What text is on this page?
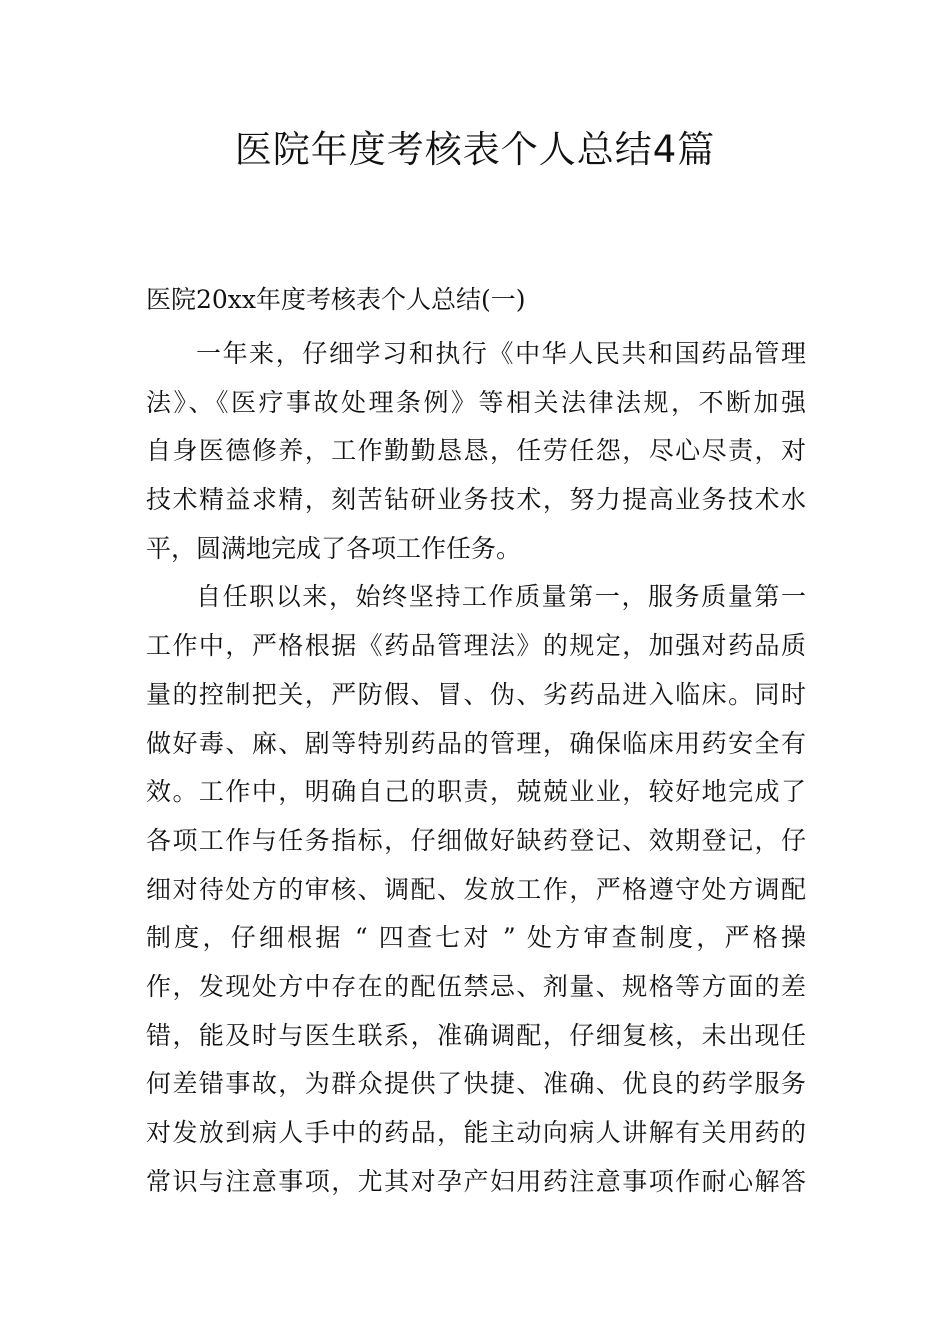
医院年度考核表个人总结4篇

医院20xx年度考核表个人总结(一)

一年来，仔细学习和执行《中华人民共和国药品管理
法》、《医疗事故处理条例》等相关法律法规，不断加强
自身医德修养，工作勤勤恳恳，任劳任怨，尽心尽责，对
技术精益求精，刻苦钻研业务技术，努力提高业务技术水
平，圆满地完成了各项工作任务。
自任职以来，始终坚持工作质量第一，服务质量第一
工作中，严格根据《药品管理法》的规定，加强对药品质
量的控制把关，严防假、冒、伪、劣药品进入临床。同时
做好毒、麻、剧等特别药品的管理，确保临床用药安全有
效。工作中，明确自己的职责，兢兢业业，较好地完成了
各项工作与任务指标，仔细做好缺药登记、效期登记，仔
细对待处方的审核、调配、发放工作，严格遵守处方调配
制度，仔细根据 “ 四查七对 ” 处方审查制度，严格操
作，发现处方中存在的配伍禁忌、剂量、规格等方面的差
错，能及时与医生联系，准确调配，仔细复核，未出现任
何差错事故，为群众提供了快捷、准确、优良的药学服务
对发放到病人手中的药品，能主动向病人讲解有关用药的
常识与注意事项，尤其对孕产妇用药注意事项作耐心解答
